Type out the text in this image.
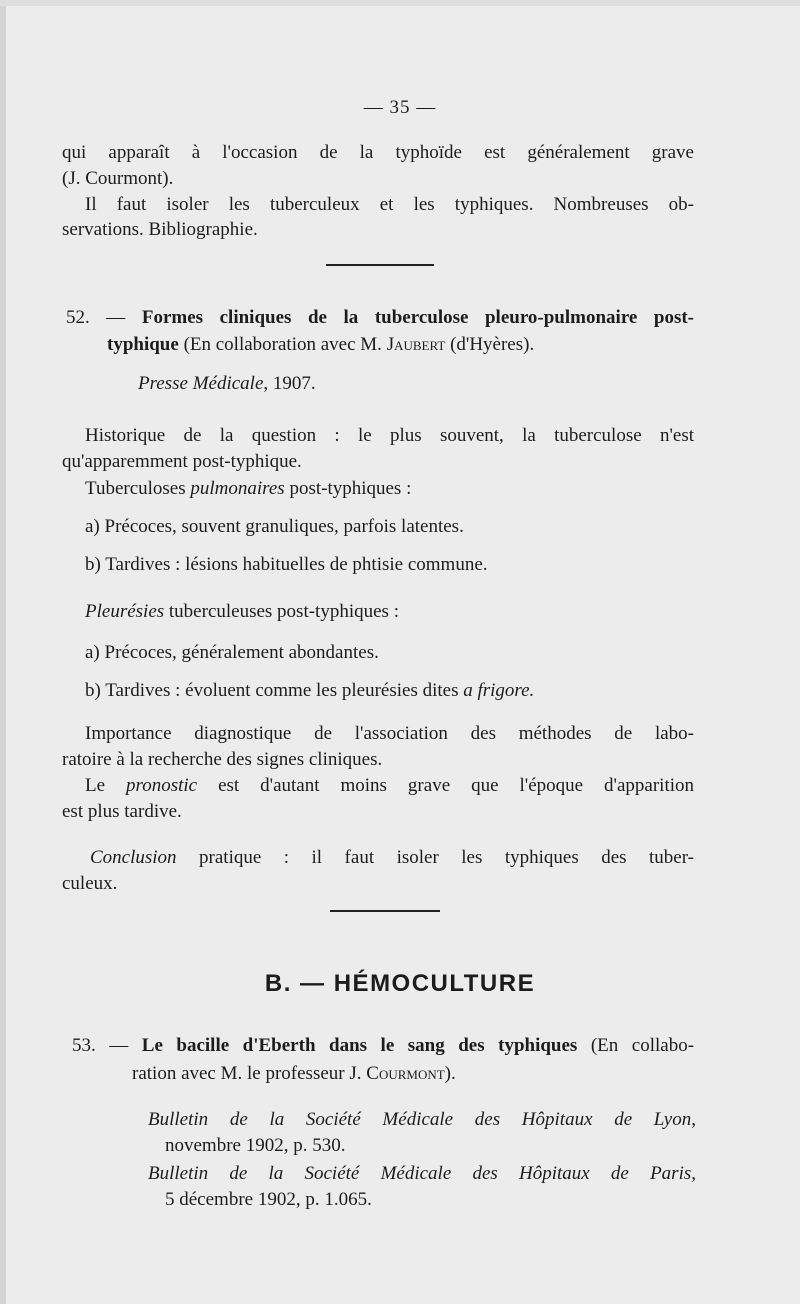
— 35 —
qui apparaît à l'occasion de la typhoïde est généralement grave
(J. Courmont).
Il faut isoler les tuberculeux et les typhiques. Nombreuses ob-
servations. Bibliographie.
52. — Formes cliniques de la tuberculose pleuro-pulmonaire post-
typhique (En collaboration avec M. Jaubert (d'Hyères).
Presse Médicale, 1907.
Historique de la question : le plus souvent, la tuberculose n'est
qu'apparemment post-typhique.
Tuberculoses pulmonaires post-typhiques :
a) Précoces, souvent granuliques, parfois latentes.
b) Tardives : lésions habituelles de phtisie commune.
Pleurésies tuberculeuses post-typhiques :
a) Précoces, généralement abondantes.
b) Tardives : évoluent comme les pleurésies dites a frigore.
Importance diagnostique de l'association des méthodes de labo-
ratoire à la recherche des signes cliniques.
Le pronostic est d'autant moins grave que l'époque d'apparition
est plus tardive.
Conclusion pratique : il faut isoler les typhiques des tuber-
culeux.
B. — HÉMOCULTURE
53. — Le bacille d'Eberth dans le sang des typhiques (En collabo-
ration avec M. le professeur J. Courmont).
Bulletin de la Société Médicale des Hôpitaux de Lyon,
novembre 1902, p. 530.
Bulletin de la Société Médicale des Hôpitaux de Paris,
5 décembre 1902, p. 1.065.
